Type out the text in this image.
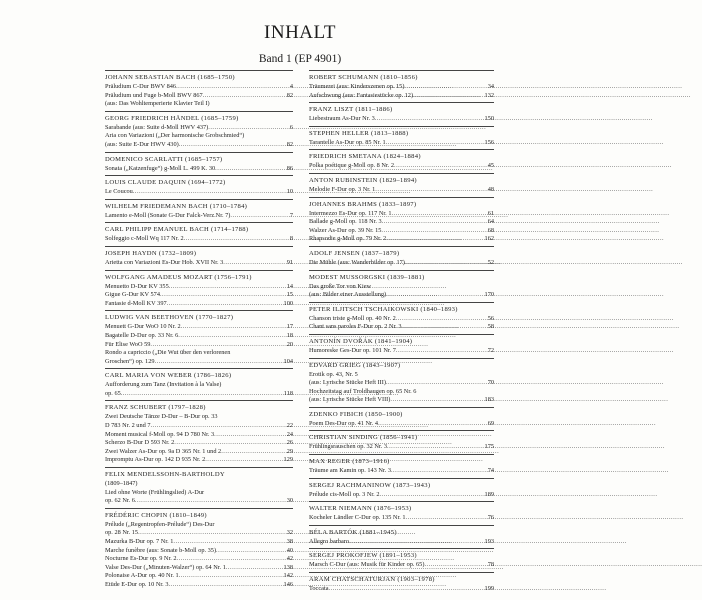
INHALT
Band 1 (EP 4901)
JOHANN SEBASTIAN BACH (1685–1750)
Präludium C-Dur BWV 846 .....	4
Präludium und Fuge b-Moll BWV 867 .....	82
(aus: Das Wohltemperierte Klavier Teil I)
GEORG FRIEDRICH HÄNDEL (1685–1759)
Sarabande (aus: Suite d-Moll HWV 437) .....	6
Aria con Variazioni („Der harmonische Grobschmied“)
(aus: Suite E-Dur HWV 430) .....	82
DOMENICO SCARLATTI (1685–1757)
Sonata („Katzenfuge“) g-Moll L. 499 K. 30 .....	86
LOUIS CLAUDE DAQUIN (1694–1772)
Le Coucou .....	10
WILHELM FRIEDEMANN BACH (1710–1784)
Lamento e-Moll (Sonate G-Dur Falck-Verz.Nr. 7) .....	7
CARL PHILIPP EMANUEL BACH (1714–1788)
Solfeggio c-Moll Wq 117 Nr. 2 .....	8
JOSEPH HAYDN (1732–1809)
Arietta con Variazioni Es-Dur Hob. XVII Nr. 3 .....	91
WOLFGANG AMADEUS MOZART (1756–1791)
Menuetto D-Dur KV 355 .....	14
Gigue G-Dur KV 574 .....	15
Fantasie d-Moll KV 397 .....	100
LUDWIG VAN BEETHOVEN (1770–1827)
Menuett G-Dur WoO 10 Nr. 2 .....	17
Bagatelle D-Dur op. 33 Nr. 6 .....	18
Für Elise WoO 59 .....	20
Rondo a capriccio („Die Wut über den verlorenen
Groschen“) op. 129 .....	104
CARL MARIA VON WEBER (1786–1826)
Aufforderung zum Tanz (Invitation à la Valse)
op. 65 .....	118
FRANZ SCHUBERT (1797–1828)
Zwei Deutsche Tänze D-Dur – B-Dur op. 33
D 783 Nr. 2 und 7 .....	22
Moment musical f-Moll op. 94 D 780 Nr. 3 .....	24
Scherzo B-Dur D 593 Nr. 2 .....	26
Zwei Walzer As-Dur op. 9a D 365 Nr. 1 und 2 .....	29
Impromptu As-Dur op. 142 D 935 Nr. 2 .....	129
FELIX MENDELSSOHN-BARTHOLDY
(1809–1847)
Lied ohne Worte (Frühlingslied) A-Dur
op. 62 Nr. 6 .....	30
FRÉDÉRIC CHOPIN (1810–1849)
Prélude („Regentropfen-Prélude“) Des-Dur
op. 28 Nr. 15 .....	32
Mazurka B-Dur op. 7 Nr. 1 .....	38
Marche funèbre (aus: Sonate b-Moll op. 35) .....	40
Nocturne Es-Dur op. 9 Nr. 2 .....	42
Valse Des-Dur („Minuten-Walzer“) op. 64 Nr. 1 .....	138
Polonaise A-Dur op. 40 Nr. 1 .....	142
Etüde E-Dur op. 10 Nr. 3 .....	146
ROBERT SCHUMANN (1810–1856)
Träumerei (aus: Kinderszenen op. 15) .....	34
Aufschwung (aus: Fantasiestücke op. 12) .....	132
FRANZ LISZT (1811–1886)
Liebestraum As-Dur Nr. 3 .....	150
STEPHEN HELLER (1813–1888)
Tarantelle As-Dur op. 85 Nr. 1 .....	156
FRIEDRICH SMETANA (1824–1884)
Polka poétique g-Moll op. 8 Nr. 2 .....	45
ANTON RUBINSTEIN (1829–1894)
Melodie F-Dur op. 3 Nr. 1 .....	48
JOHANNES BRAHMS (1833–1897)
Intermezzo Es-Dur op. 117 Nr. 1 .....	61
Ballade g-Moll op. 118 Nr. 3 .....	64
Walzer As-Dur op. 39 Nr. 15 .....	68
Rhapsodie g-Moll op. 79 Nr. 2 .....	162
ADOLF JENSEN (1837–1879)
Die Mühle (aus: Wanderbilder op. 17) .....	52
MODEST MUSSORGSKI (1839–1881)
Das große Tor von Kiew
(aus: Bilder einer Ausstellung) .....	170
PETER ILJITSCH TSCHAIKOWSKI (1840–1893)
Chanson triste g-Moll op. 40 Nr. 2 .....	56
Chant sans paroles F-Dur op. 2 Nr. 3 .....	58
ANTONÍN DVOŘÁK (1841–1904)
Humoreske Ges-Dur op. 101 Nr. 7 .....	72
EDVARD GRIEG (1843–1907)
Erotik op. 43, Nr. 5
(aus: Lyrische Stücke Heft III) .....	70
Hochzeitstag auf Troldhaugen op. 65 Nr. 6
(aus: Lyrische Stücke Heft VIII) .....	183
ZDENKO FIBICH (1850–1900)
Poem Des-Dur op. 41 Nr. 4 .....	69
CHRISTIAN SINDING (1856–1941)
Frühlingsrauschen op. 32 Nr. 3 .....	175
MAX REGER (1873–1916)
Träume am Kamin op. 143 Nr. 3 .....	74
SERGEJ RACHMANINOW (1873–1943)
Prélude cis-Moll op. 3 Nr. 2 .....	189
WALTER NIEMANN (1876–1953)
Kocheler Ländler C-Dur op. 135 Nr. 1 .....	76
BÉLA BARTÓK (1881–1945)
Allegro barbaro .....	193
SERGEJ PROKOFJEW (1891–1953)
Marsch C-Dur (aus: Musik für Kinder op. 65) .....	78
ARAM CHATSCHATURJAN (1903–1978)
Toccata .....	199
